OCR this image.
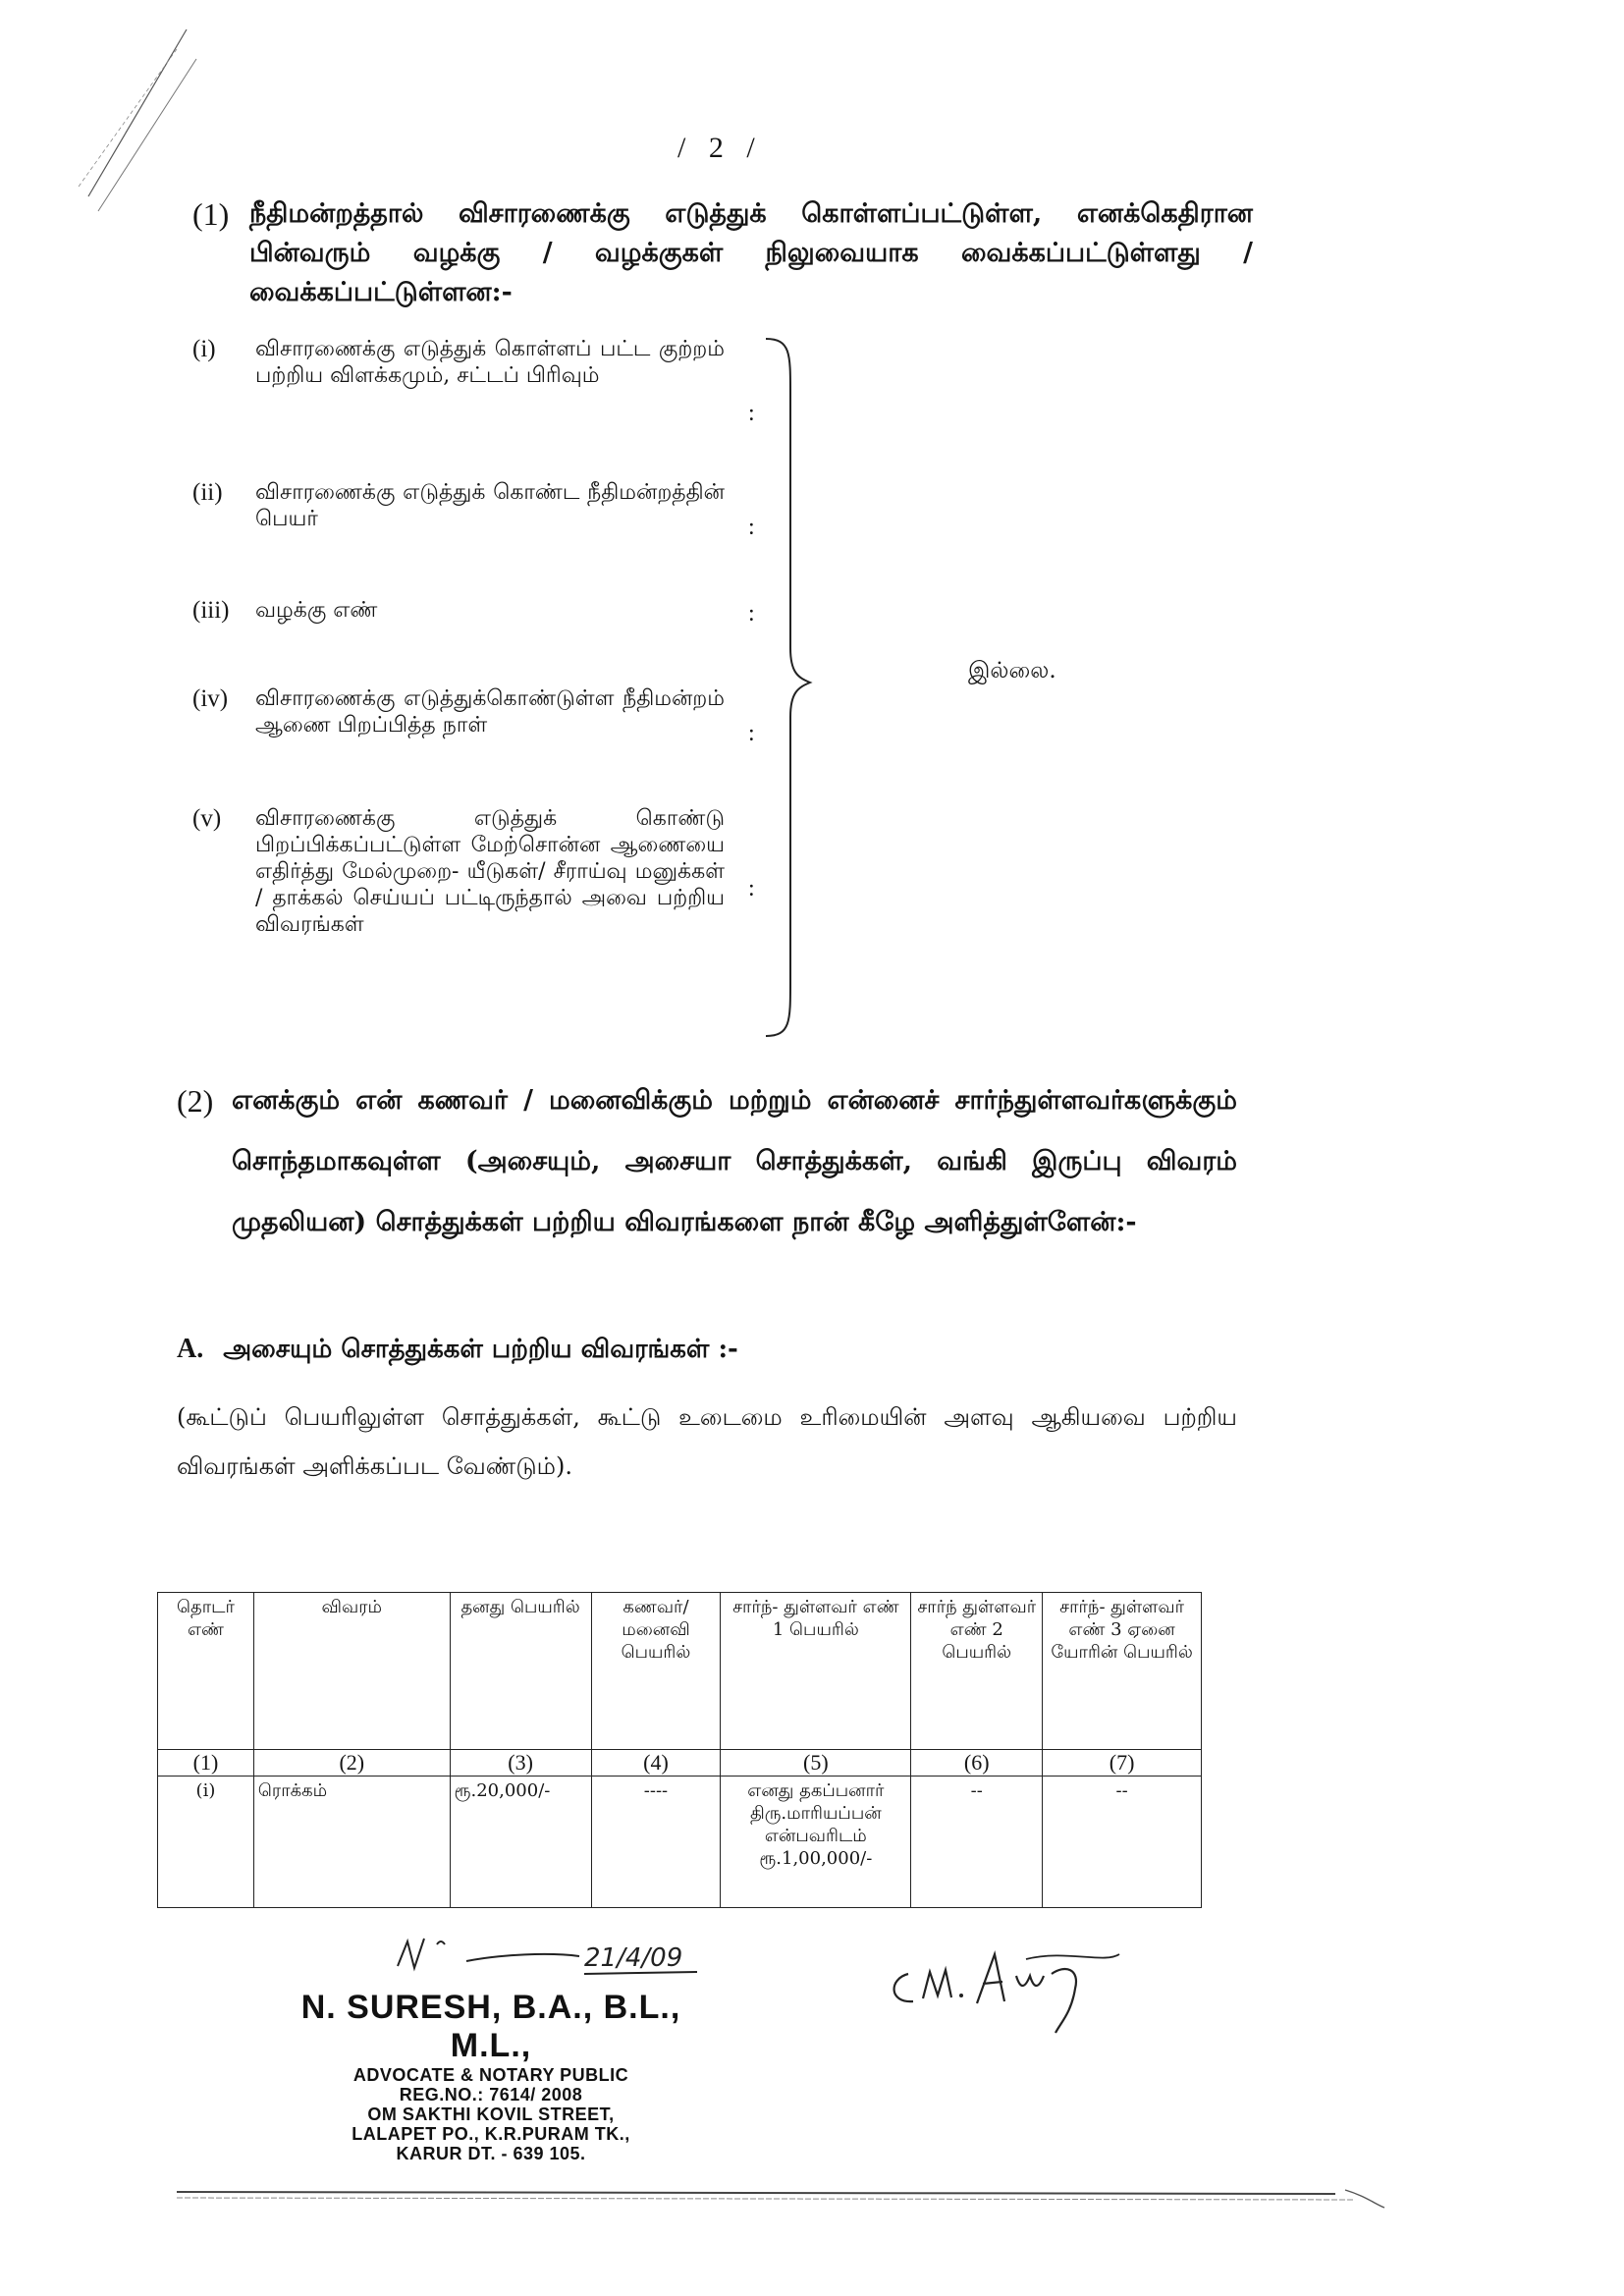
/ 2 /
(1) நீதிமன்றத்தால் விசாரணைக்கு எடுத்துக் கொள்ளப்பட்டுள்ள, எனக்கெதிரான பின்வரும் வழக்கு / வழக்குகள் நிலுவையாக வைக்கப்பட்டுள்ளது / வைக்கப்பட்டுள்ளன:-
(i)	விசாரணைக்கு எடுத்துக் கொள்ளப் பட்ட குற்றம் பற்றிய விளக்கமும், சட்டப் பிரிவும்
:
(ii)	விசாரணைக்கு எடுத்துக் கொண்ட நீதிமன்றத்தின் பெயர்	:
(iii)	வழக்கு எண்	:
(iv)	விசாரணைக்கு எடுத்துக்கொண்டுள்ள நீதிமன்றம் ஆணை பிறப்பித்த நாள்	:
(v)	விசாரணைக்கு எடுத்துக் கொண்டு பிறப்பிக்கப்பட்டுள்ள மேற்சொன்ன ஆணையை எதிர்த்து மேல்முறை- யீடுகள்/ சீராய்வு மனுக்கள் / தாக்கல் செய்யப் பட்டிருந்தால் அவை பற்றிய விவரங்கள்
:
இல்லை.
(2) எனக்கும் என் கணவர் / மனைவிக்கும் மற்றும் என்னைச் சார்ந்துள்ளவர்களுக்கும் சொந்தமாகவுள்ள (அசையும், அசையா சொத்துக்கள், வங்கி இருப்பு விவரம் முதலியன) சொத்துக்கள் பற்றிய விவரங்களை நான் கீழே அளித்துள்ளேன்:-
A. அசையும் சொத்துக்கள் பற்றிய விவரங்கள் :-
(கூட்டுப் பெயரிலுள்ள சொத்துக்கள், கூட்டு உடைமை உரிமையின் அளவு ஆகியவை பற்றிய விவரங்கள் அளிக்கப்பட வேண்டும்).
தொடர் எண்	விவரம்	தனது பெயரில்	கணவர்/ மனைவி பெயரில்	சார்ந்- துள்ளவர் எண் 1 பெயரில்	சார்ந் துள்ளவர் எண் 2 பெயரில்	சார்ந்- துள்ளவர் எண் 3 ஏனை யோரின் பெயரில்
(1)	(2)	(3)	(4)	(5)	(6)	(7)
(i)	ரொக்கம்	ரூ.20,000/-	----	எனது தகப்பனார் திரு.மாரியப்பன் என்பவரிடம் ரூ.1,00,000/-	--	--
21/4/09
N. SURESH, B.A., B.L., M.L.,
ADVOCATE & NOTARY PUBLIC
REG.NO.: 7614/ 2008
OM SAKTHI KOVIL STREET,
LALAPET PO., K.R.PURAM TK.,
KARUR DT. - 639 105.
